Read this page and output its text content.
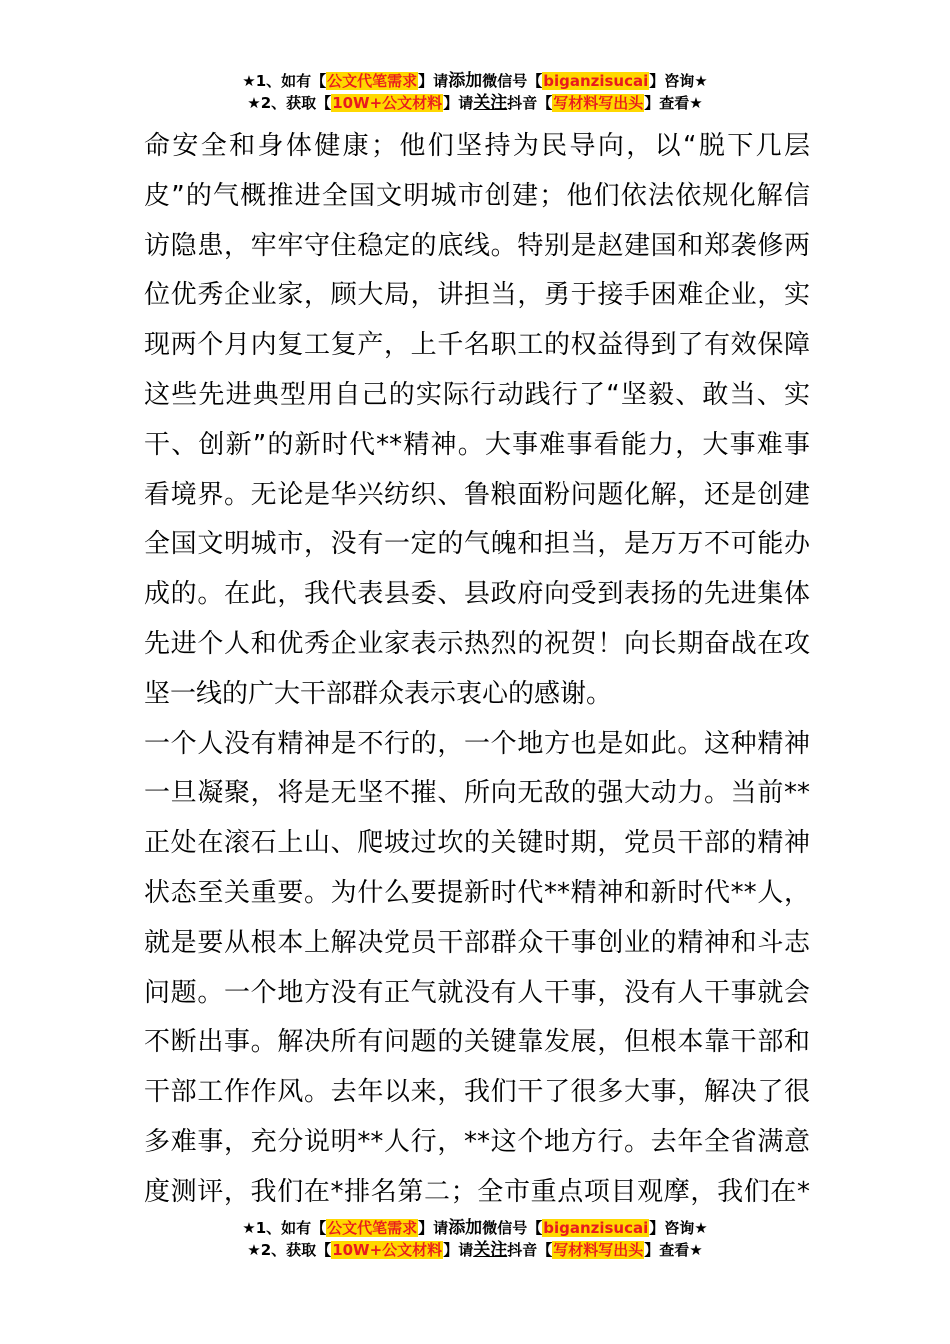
★1、如有【公文代笔需求】请添加微信号【biganzisucai】咨询★
★2、获取【10W+公文材料】请关注抖音【写材料写出头】查看★
命安全和身体健康；他们坚持为民导向，以“脱下几层
皮”的气概推进全国文明城市创建；他们依法依规化解信
访隐患，牢牢守住稳定的底线。特别是赵建国和郑袭修两
位优秀企业家，顾大局，讲担当，勇于接手困难企业，实
现两个月内复工复产，上千名职工的权益得到了有效保障
这些先进典型用自己的实际行动践行了“坚毅、敢当、实
干、创新”的新时代**精神。大事难事看能力，大事难事
看境界。无论是华兴纺织、鲁粮面粉问题化解，还是创建
全国文明城市，没有一定的气魄和担当，是万万不可能办
成的。在此，我代表县委、县政府向受到表扬的先进集体
先进个人和优秀企业家表示热烈的祝贺！向长期奋战在攻
坚一线的广大干部群众表示衷心的感谢。
一个人没有精神是不行的，一个地方也是如此。这种精神
一旦凝聚，将是无坚不摧、所向无敌的强大动力。当前**
正处在滚石上山、爬坡过坎的关键时期，党员干部的精神
状态至关重要。为什么要提新时代**精神和新时代**人，
就是要从根本上解决党员干部群众干事创业的精神和斗志
问题。一个地方没有正气就没有人干事，没有人干事就会
不断出事。解决所有问题的关键靠发展，但根本靠干部和
干部工作作风。去年以来，我们干了很多大事，解决了很
多难事，充分说明**人行，**这个地方行。去年全省满意
度测评，我们在*排名第二；全市重点项目观摩，我们在*
★1、如有【公文代笔需求】请添加微信号【biganzisucai】咨询★
★2、获取【10W+公文材料】请关注抖音【写材料写出头】查看★
